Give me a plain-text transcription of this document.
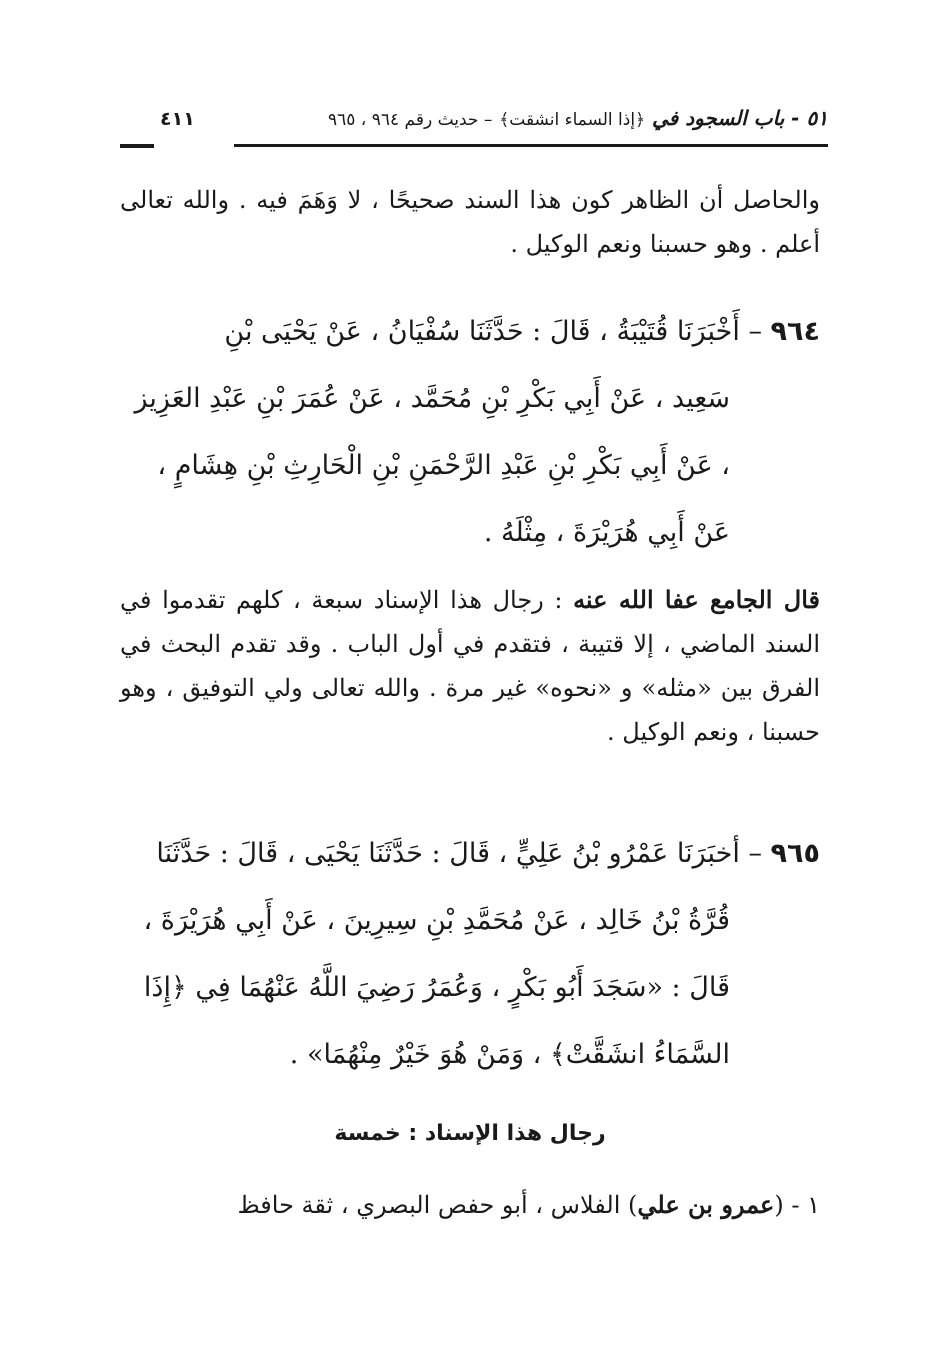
٥١ - باب السجود في ﴿إذا السماء انشقت﴾ – حديث رقم ٩٦٤ ، ٩٦٥
٤١١
والحاصل أن الظاهر كون هذا السند صحيحًا ، لا وَهَمَ فيه . والله تعالى أعلم . وهو حسبنا ونعم الوكيل .
٩٦٤ – أَخْبَرَنَا قُتَيْبَةُ ، قَالَ : حَدَّثَنَا سُفْيَانُ ، عَنْ يَحْيَى بْنِ
سَعِيد ، عَنْ أَبِي بَكْرِ بْنِ مُحَمَّد ، عَنْ عُمَرَ بْنِ عَبْدِ العَزِيز ، عَنْ أَبِي بَكْرِ بْنِ عَبْدِ الرَّحْمَنِ بْنِ الْحَارِثِ بْنِ هِشَامٍ ، عَنْ أَبِي هُرَيْرَةَ ، مِثْلَهُ .
قال الجامع عفا الله عنه : رجال هذا الإسناد سبعة ، كلهم تقدموا في السند الماضي ، إلا قتيبة ، فتقدم في أول الباب . وقد تقدم البحث في الفرق بين «مثله» و «نحوه» غير مرة . والله تعالى ولي التوفيق ، وهو حسبنا ، ونعم الوكيل .
٩٦٥ – أخبَرَنَا عَمْرُو بْنُ عَلِيٍّ ، قَالَ : حَدَّثَنَا يَحْيَى ، قَالَ : حَدَّثَنَا
قُرَّةُ بْنُ خَالِد ، عَنْ مُحَمَّدِ بْنِ سِيرِينَ ، عَنْ أَبِي هُرَيْرَةَ ، قَالَ : «سَجَدَ أَبُو بَكْرٍ ، وَعُمَرُ رَضِيَ اللَّهُ عَنْهُمَا فِي ﴿إِذَا السَّمَاءُ انشَقَّتْ﴾ ، وَمَنْ هُوَ خَيْرٌ مِنْهُمَا» .
رجال هذا الإسناد : خمسة
١ - (عمرو بن علي) الفلاس ، أبو حفص البصري ، ثقة حافظ
